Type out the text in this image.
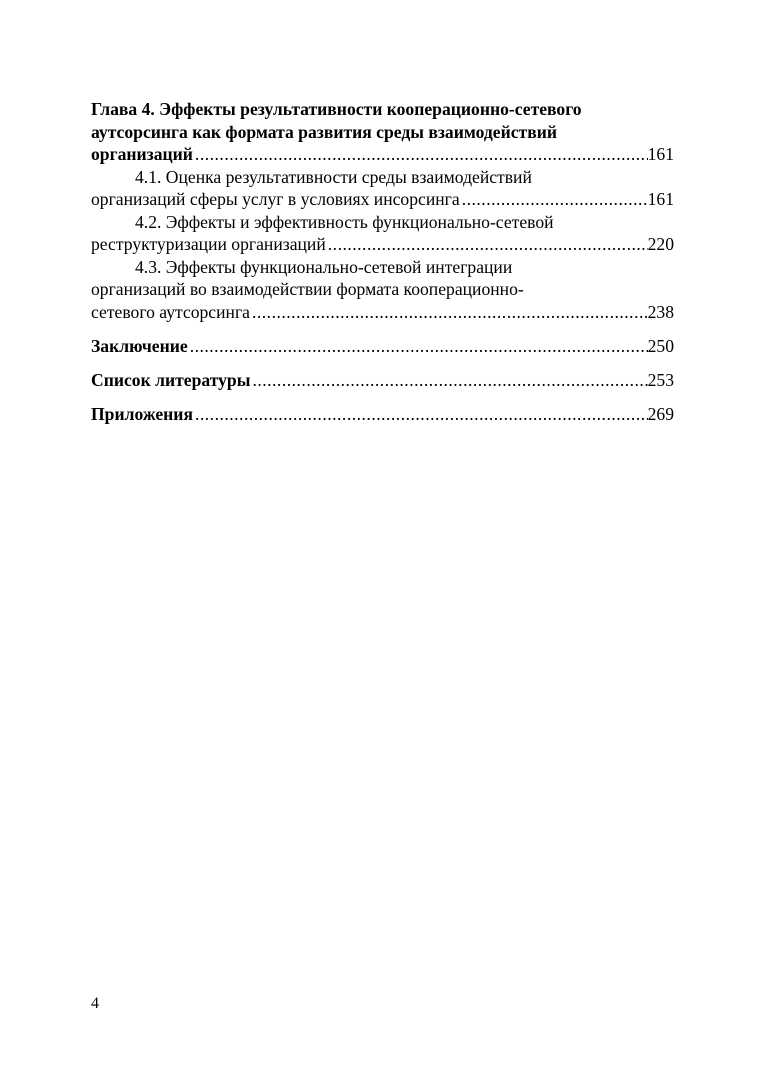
Глава 4. Эффекты результативности кооперационно-сетевого
аутсорсинга как формата развития среды взаимодействий
организаций .....	161
4.1. Оценка результативности среды взаимодействий
организаций сферы услуг в условиях инсорсинга .....	161
4.2. Эффекты и эффективность функционально-сетевой
реструктуризации организаций .....	220
4.3. Эффекты функционально-сетевой интеграции
организаций во взаимодействии формата кооперационно-
сетевого аутсорсинга .....	238
Заключение .....	250
Список литературы .....	253
Приложения .....	269
4
